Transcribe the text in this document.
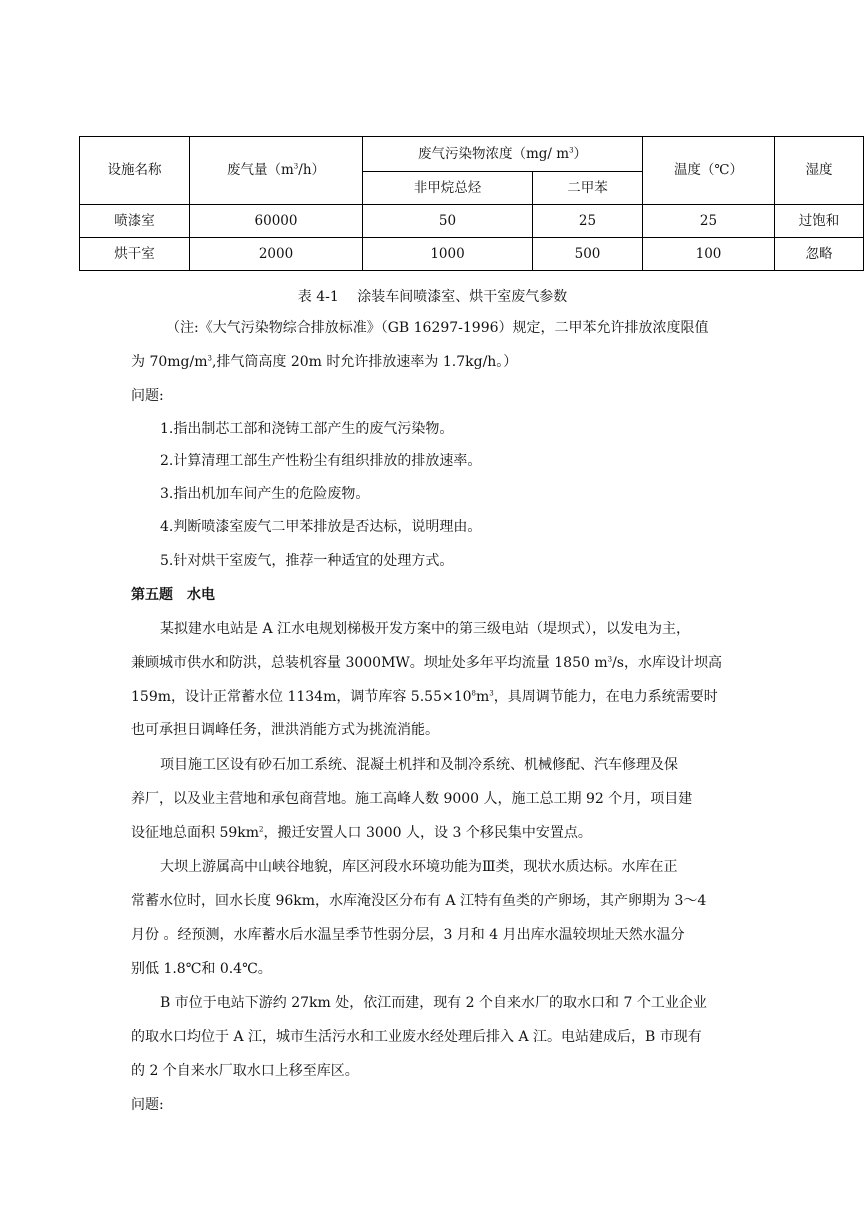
设施名称	废气量$(m^3/h)$	废气污染物浓度（mg/ $m^3$）		温度（℃）	湿度
		非甲烷总烃	二甲苯		
喷漆室	60000	50	25	25	过饱和
烘干室	2000	1000	500	100	忽略
表 4-1　 涂装车间喷漆室、烘干室废气参数
（注:《大气污染物综合排放标准》（GB 16297-1996）规定，二甲苯允许排放浓度限值
为 $70mg/m^3$,排气筒高度 20m 时允许排放速率为 1.7kg/h。）
问题:
1.指出制芯工部和浇铸工部产生的废气污染物。
2.计算清理工部生产性粉尘有组织排放的排放速率。
3.指出机加车间产生的危险废物。
4.判断喷漆室废气二甲苯排放是否达标，说明理由。
5.针对烘干室废气，推荐一种适宜的处理方式。
第五题　水电
某拟建水电站是 A 江水电规划梯极开发方案中的第三级电站（堤坝式），以发电为主，
兼顾城市供水和防洪，总装机容量 3000MW。坝址处多年平均流量 1850 $m^3/s$，水库设计坝高
159m，设计正常蓄水位 1134m，调节库容 $5.55\times 10^8m^3$，具周调节能力，在电力系统需要时
也可承担日调峰任务，泄洪消能方式为挑流消能。
项目施工区设有砂石加工系统、混凝土机拌和及制冷系统、机械修配、汽车修理及保
养厂，以及业主营地和承包商营地。施工高峰人数 9000 人，施工总工期 92 个月，项目建
设征地总面积 $59km^2$，搬迁安置人口 3000 人，设 3 个移民集中安置点。
大坝上游属高中山峡谷地貌，库区河段水环境功能为Ⅲ类，现状水质达标。水库在正
常蓄水位时，回水长度 96km，水库淹没区分布有 A 江特有鱼类的产卵场，其产卵期为 3～4
月份 。经预测，水库蓄水后水温呈季节性弱分层，3 月和 4 月出库水温较坝址天然水温分
别低 1.8℃和 0.4℃。
B 市位于电站下游约 27km 处，依江而建，现有 2 个自来水厂的取水口和 7 个工业企业
的取水口均位于 A 江，城市生活污水和工业废水经处理后排入 A 江。电站建成后，B 市现有
的 2 个自来水厂取水口上移至库区。
问题:
